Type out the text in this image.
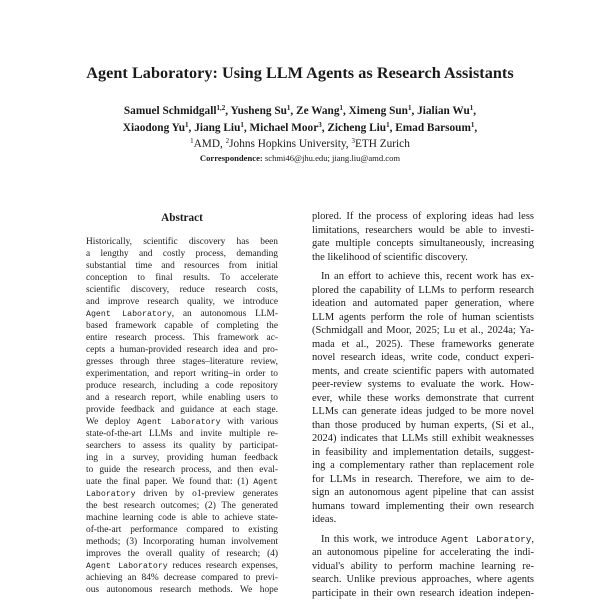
Agent Laboratory: Using LLM Agents as Research Assistants
Samuel Schmidgall$^{1,2}$, Yusheng Su$^1$, Ze Wang$^1$, Ximeng Sun$^1$, Jialian Wu$^1$,
Xiaodong Yu$^1$, Jiang Liu$^1$, Michael Moor$^3$, Zicheng Liu$^1$, Emad Barsoum$^1$,
$^1$AMD, $^2$Johns Hopkins University, $^3$ETH Zurich
Correspondence: schmi46@jhu.edu; jiang.liu@amd.com
Abstract
Historically, scientific discovery has been
a lengthy and costly process, demanding
substantial time and resources from initial
conception to final results. To accelerate
scientific discovery, reduce research costs,
and improve research quality, we introduce
Agent Laboratory, an autonomous LLM-
based framework capable of completing the
entire research process. This framework ac-
cepts a human-provided research idea and pro-
gresses through three stages–literature review,
experimentation, and report writing–in order to
produce research, including a code repository
and a research report, while enabling users to
provide feedback and guidance at each stage.
We deploy Agent Laboratory with various
state-of-the-art LLMs and invite multiple re-
searchers to assess its quality by participat-
ing in a survey, providing human feedback
to guide the research process, and then eval-
uate the final paper. We found that: (1) Agent
Laboratory driven by o1-preview generates
the best research outcomes; (2) The generated
machine learning code is able to achieve state-
of-the-art performance compared to existing
methods; (3) Incorporating human involvement
improves the overall quality of research; (4)
Agent Laboratory reduces research expenses,
achieving an 84% decrease compared to previ-
ous autonomous research methods. We hope
plored. If the process of exploring ideas had less
limitations, researchers would be able to investi-
gate multiple concepts simultaneously, increasing
the likelihood of scientific discovery.
In an effort to achieve this, recent work has ex-
plored the capability of LLMs to perform research
ideation and automated paper generation, where
LLM agents perform the role of human scientists
(Schmidgall and Moor, 2025; Lu et al., 2024a; Ya-
mada et al., 2025). These frameworks generate
novel research ideas, write code, conduct experi-
ments, and create scientific papers with automated
peer-review systems to evaluate the work. How-
ever, while these works demonstrate that current
LLMs can generate ideas judged to be more novel
than those produced by human experts, (Si et al.,
2024) indicates that LLMs still exhibit weaknesses
in feasibility and implementation details, suggest-
ing a complementary rather than replacement role
for LLMs in research. Therefore, we aim to de-
sign an autonomous agent pipeline that can assist
humans toward implementing their own research
ideas.
In this work, we introduce Agent Laboratory,
an autonomous pipeline for accelerating the indi-
vidual's ability to perform machine learning re-
search. Unlike previous approaches, where agents
participate in their own research ideation indepen-
